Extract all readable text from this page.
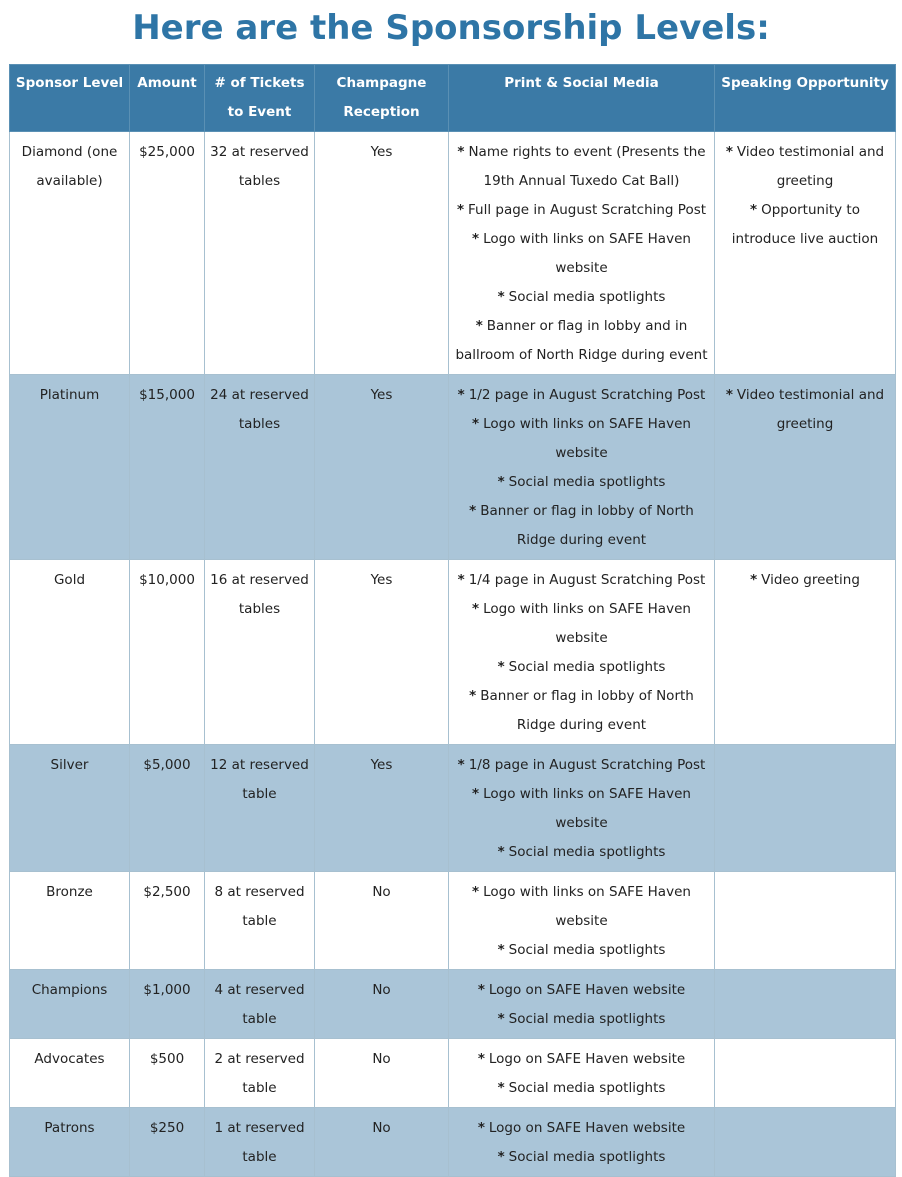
Here are the Sponsorship Levels:
Sponsor Level	Amount	# of Tickets to Event	Champagne Reception	Print & Social Media	Speaking Opportunity
Diamond (one available)	$25,000	32 at reserved tables	Yes	* Name rights to event (Presents the 19th Annual Tuxedo Cat Ball)
* Full page in August Scratching Post
* Logo with links on SAFE Haven website
* Social media spotlights
* Banner or flag in lobby and in ballroom of North Ridge during event	* Video testimonial and greeting
* Opportunity to introduce live auction

Platinum	$15,000	24 at reserved tables	Yes	* 1/2 page in August Scratching Post
* Logo with links on SAFE Haven website
* Social media spotlights
* Banner or flag in lobby of North Ridge during event	* Video testimonial and greeting

Gold	$10,000	16 at reserved tables	Yes	* 1/4 page in August Scratching Post
* Logo with links on SAFE Haven website
* Social media spotlights
* Banner or flag in lobby of North Ridge during event	* Video greeting

Silver	$5,000	12 at reserved table	Yes	* 1/8 page in August Scratching Post
* Logo with links on SAFE Haven website
* Social media spotlights	

Bronze	$2,500	8 at reserved table	No	* Logo with links on SAFE Haven website
* Social media spotlights	

Champions	$1,000	4 at reserved table	No	* Logo on SAFE Haven website
* Social media spotlights	

Advocates	$500	2 at reserved table	No	* Logo on SAFE Haven website
* Social media spotlights	

Patrons	$250	1 at reserved table	No	* Logo on SAFE Haven website
* Social media spotlights	
